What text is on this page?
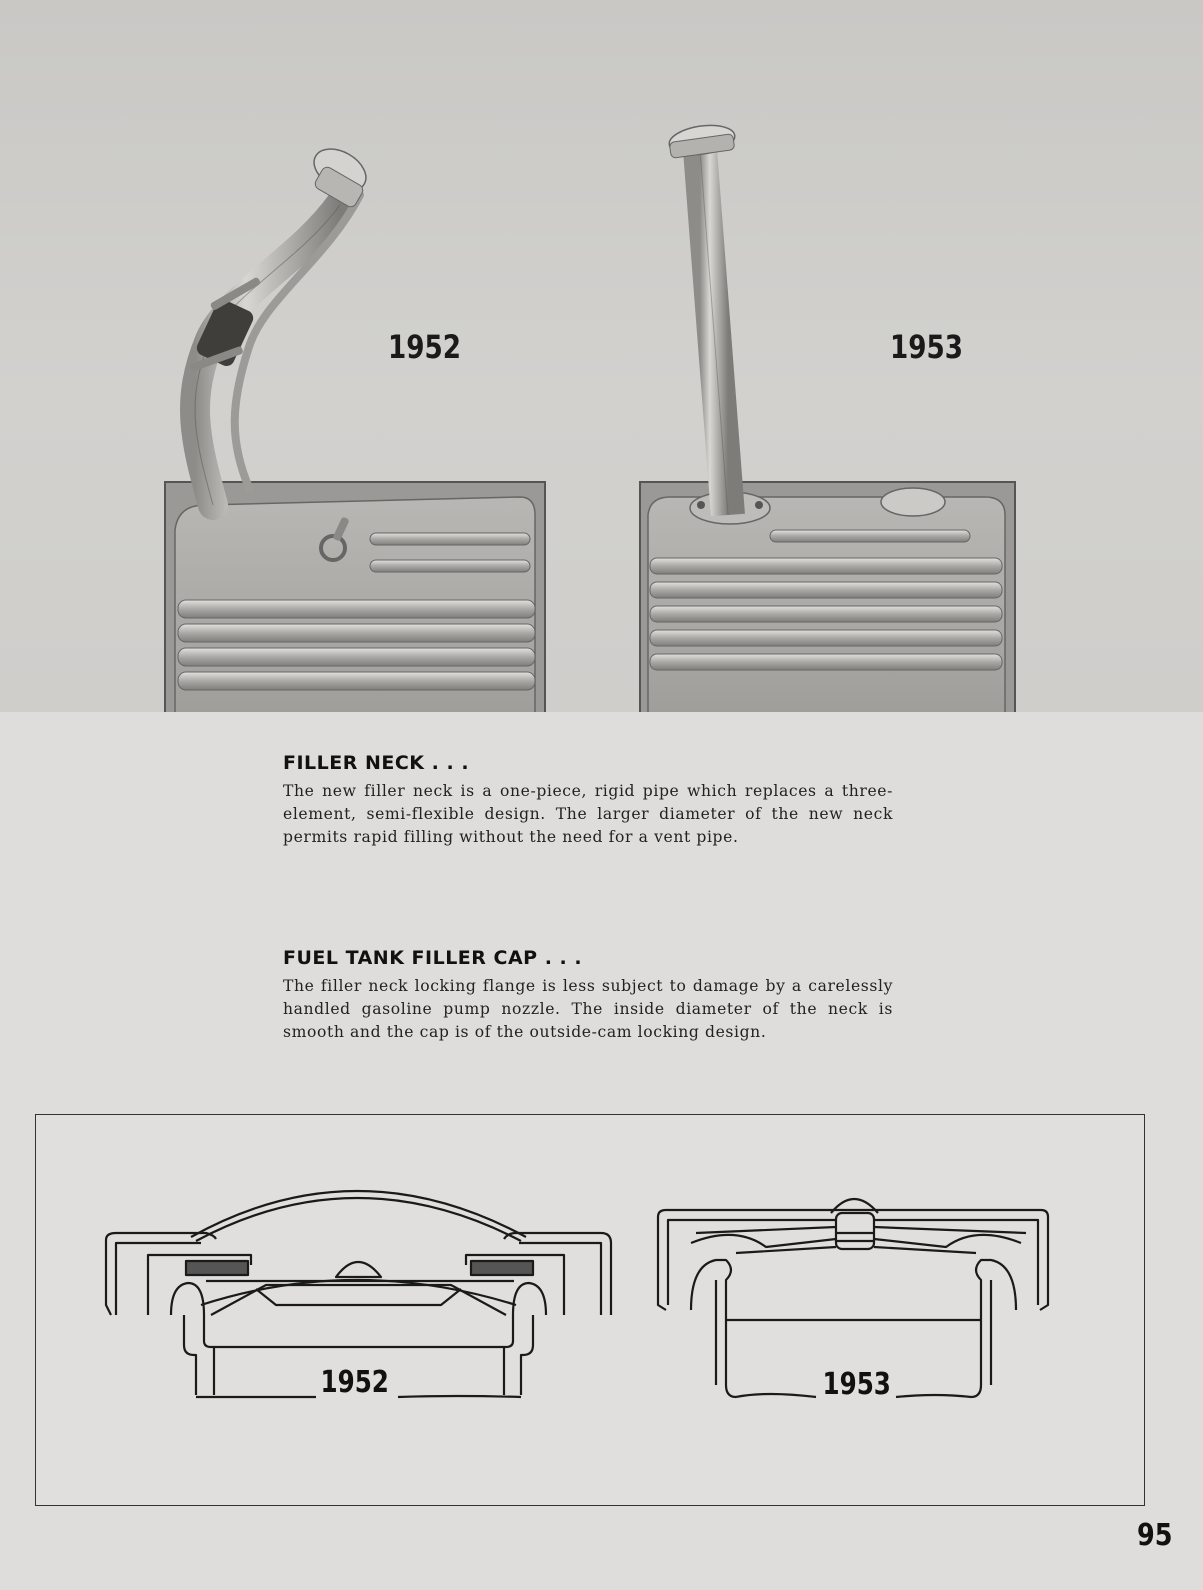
1952	1953
FILLER NECK . . .

The new filler neck is a one-piece, rigid pipe which replaces a three-element, semi-flexible design. The larger diameter of the new neck permits rapid filling without the need for a vent pipe.

FUEL TANK FILLER CAP . . .

The filler neck locking flange is less subject to damage by a carelessly handled gasoline pump nozzle. The inside diameter of the neck is smooth and the cap is of the outside-cam locking design.

1952	1953
95
